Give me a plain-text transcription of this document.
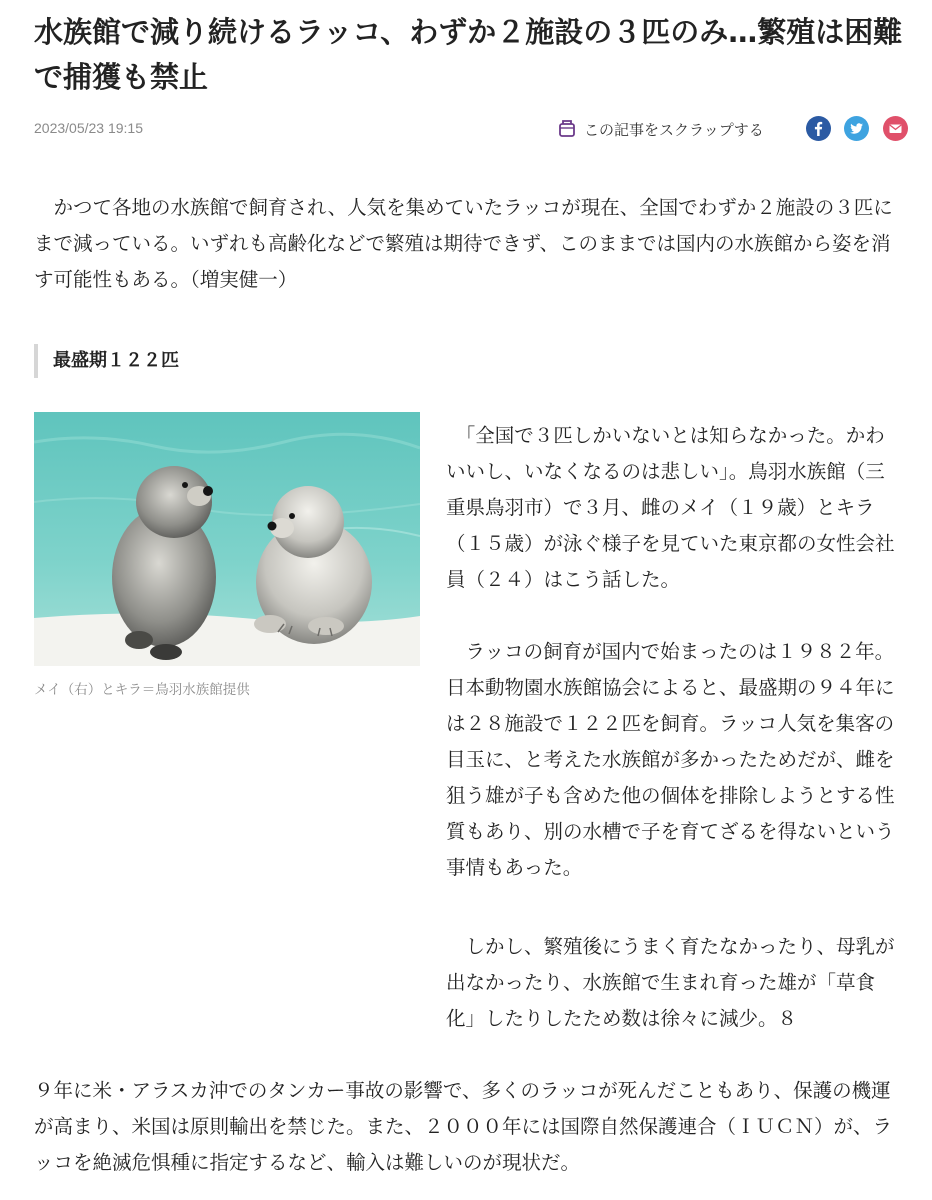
水族館で減り続けるラッコ、わずか２施設の３匹のみ…繁殖は困難で捕獲も禁止
2023/05/23 19:15	この記事をスクラップする

　かつて各地の水族館で飼育され、人気を集めていたラッコが現在、全国でわずか２施設の３匹にまで減っている。いずれも高齢化などで繁殖は期待できず、このままでは国内の水族館から姿を消す可能性もある。（増実健一）

最盛期１２２匹
メイ（右）とキラ＝鳥羽水族館提供

　「全国で３匹しかいないとは知らなかった。かわいいし、いなくなるのは悲しい」。鳥羽水族館（三重県鳥羽市）で３月、雌のメイ（１９歳）とキラ（１５歳）が泳ぐ様子を見ていた東京都の女性会社員（２４）はこう話した。

　ラッコの飼育が国内で始まったのは１９８２年。日本動物園水族館協会によると、最盛期の９４年には２８施設で１２２匹を飼育。ラッコ人気を集客の目玉に、と考えた水族館が多かったためだが、雌を狙う雄が子も含めた他の個体を排除しようとする性質もあり、別の水槽で子を育てざるを得ないという事情もあった。

　しかし、繁殖後にうまく育たなかったり、母乳が出なかったり、水族館で生まれ育った雄が「草食化」したりしたため数は徐々に減少。８

９年に米・アラスカ沖でのタンカー事故の影響で、多くのラッコが死んだこともあり、保護の機運が高まり、米国は原則輸出を禁じた。また、２０００年には国際自然保護連合（ＩＵＣＮ）が、ラッコを絶滅危惧種に指定するなど、輸入は難しいのが現状だ。
